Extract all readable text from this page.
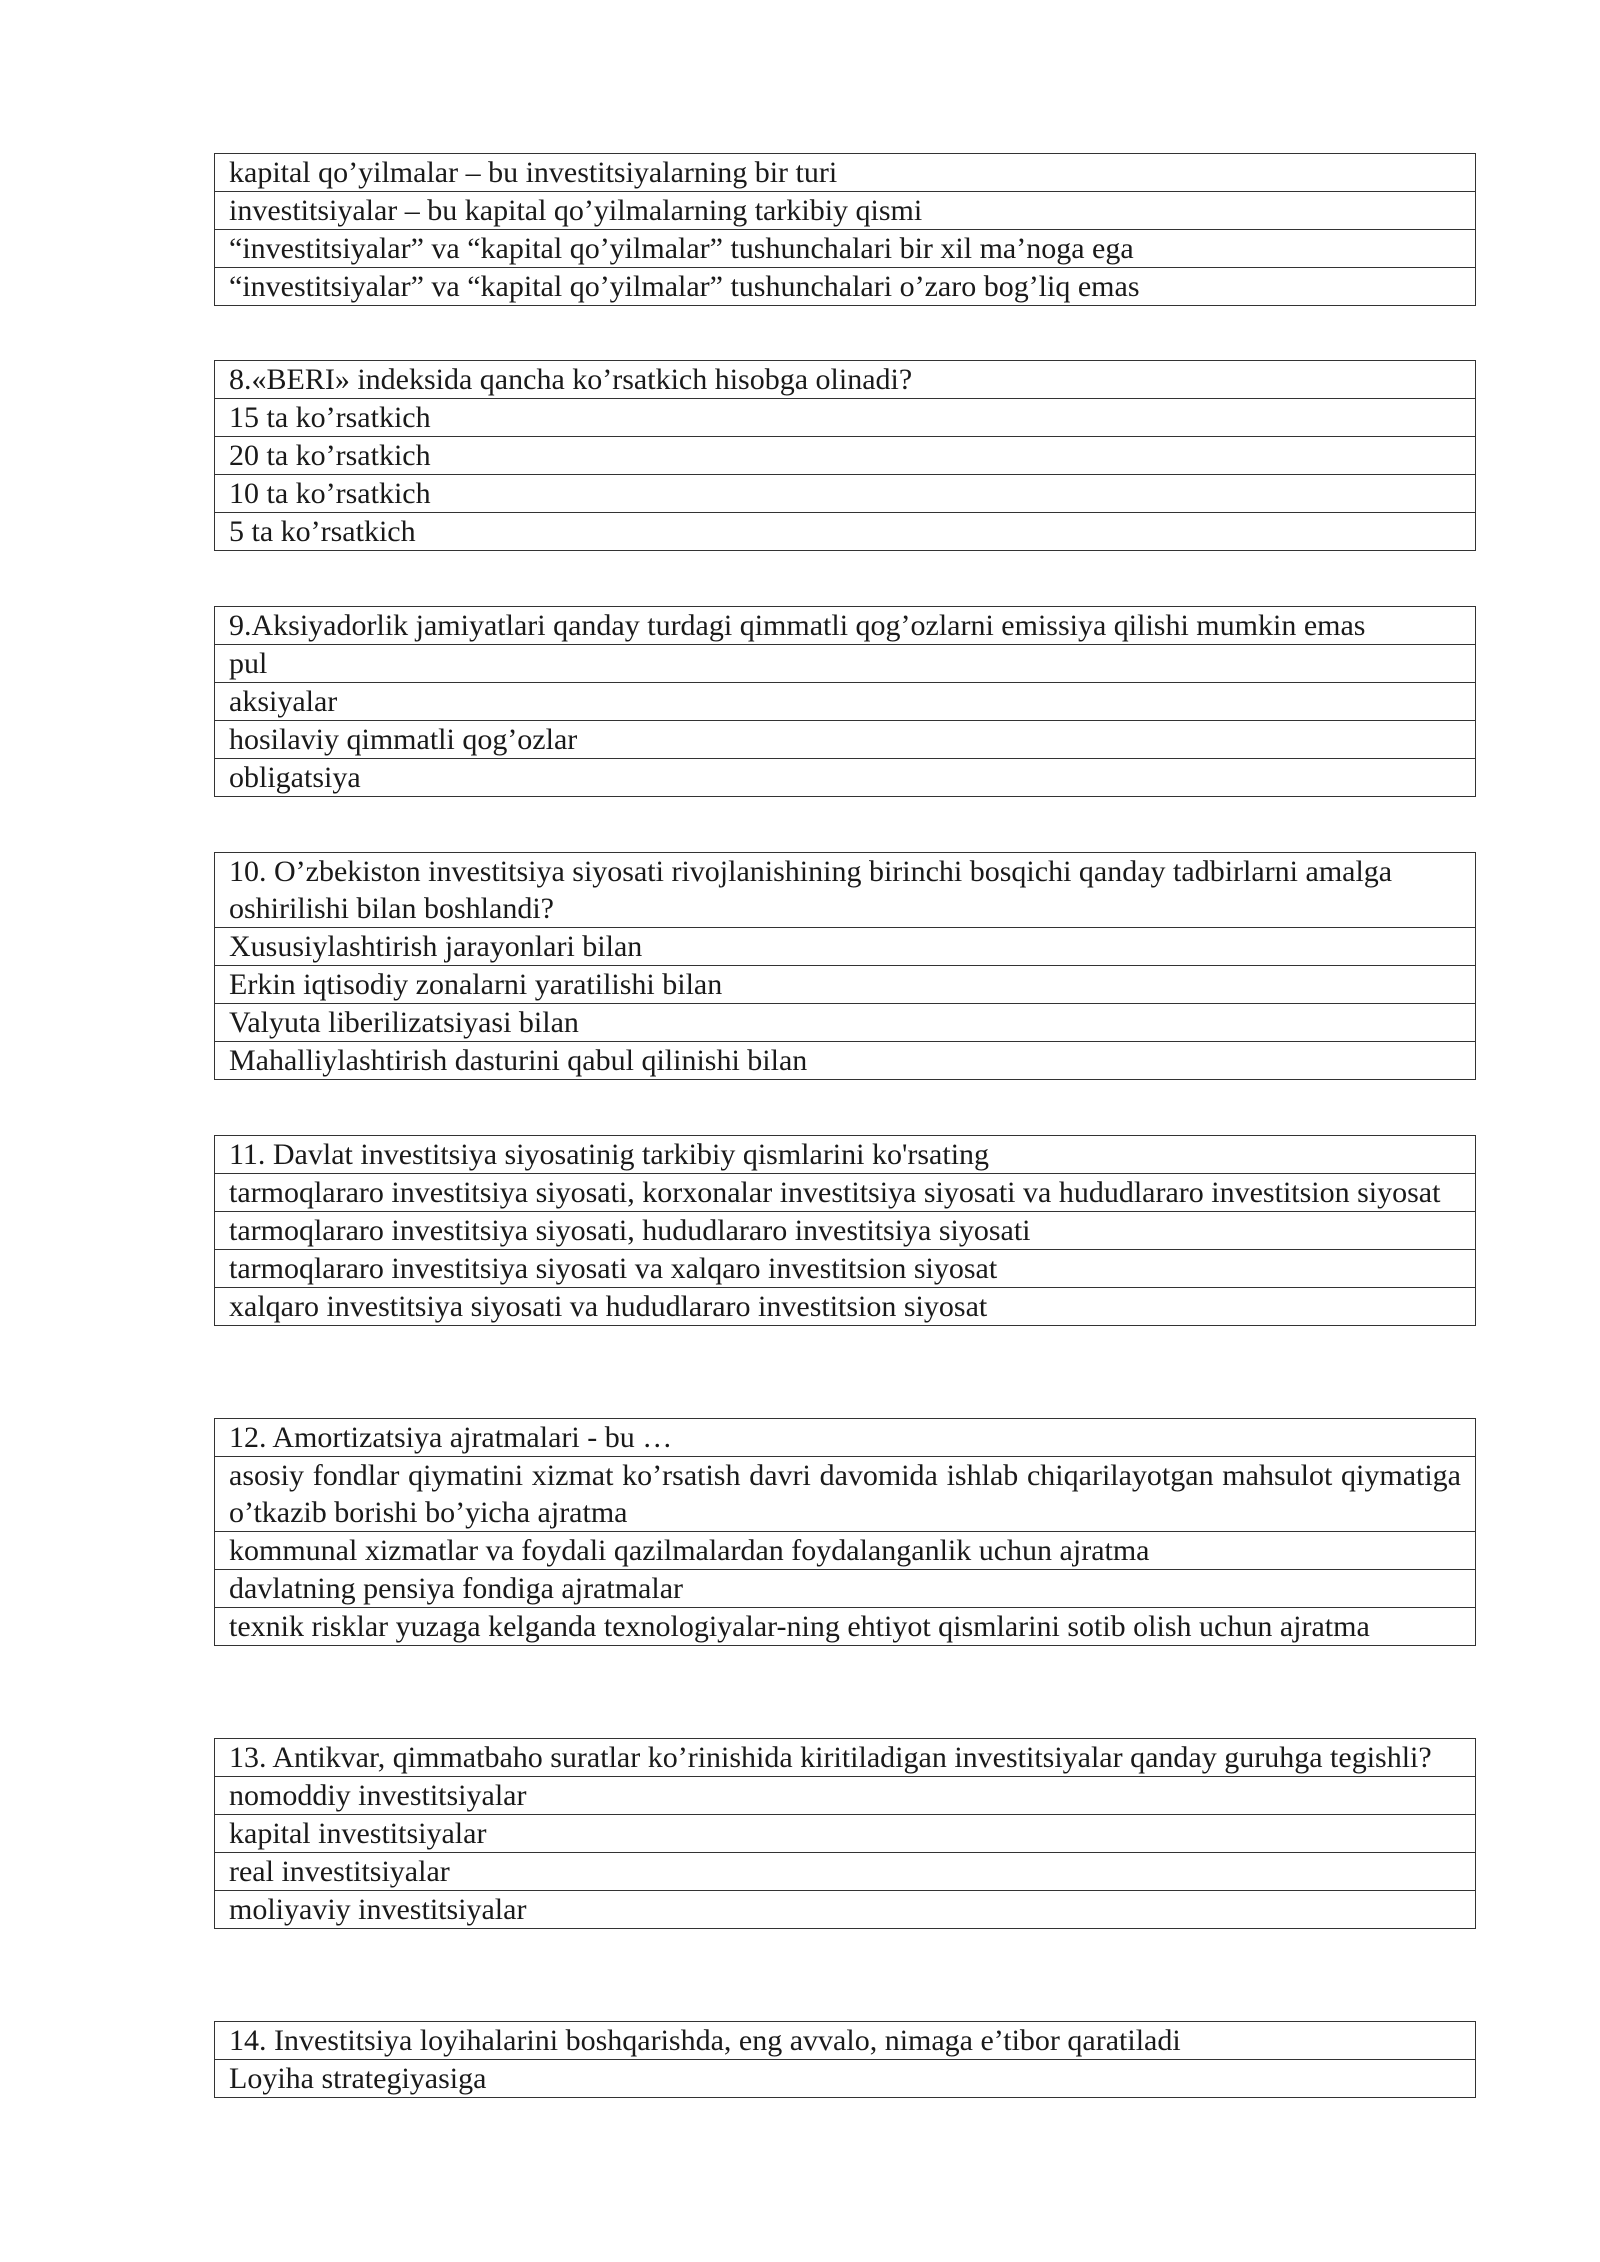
kapital qo’yilmalar – bu investitsiyalarning bir turi
investitsiyalar – bu kapital qo’yilmalarning tarkibiy qismi
“investitsiyalar” va “kapital qo’yilmalar” tushunchalari bir xil ma’noga ega
“investitsiyalar” va “kapital qo’yilmalar” tushunchalari o’zaro bog’liq emas
8.«BERI» indeksida qancha ko’rsatkich hisobga olinadi?
15 ta ko’rsatkich
20 ta ko’rsatkich
10 ta ko’rsatkich
5 ta ko’rsatkich
9.Aksiyadorlik jamiyatlari qanday turdagi qimmatli qog’ozlarni emissiya qilishi mumkin emas
pul
aksiyalar
hosilaviy qimmatli qog’ozlar
obligatsiya
10. O’zbekiston investitsiya siyosati rivojlanishining birinchi bosqichi qanday tadbirlarni amalga oshirilishi bilan boshlandi?
Xususiylashtirish jarayonlari bilan
Erkin iqtisodiy zonalarni yaratilishi bilan
Valyuta liberilizatsiyasi bilan
Mahalliylashtirish dasturini qabul qilinishi bilan
11. Davlat investitsiya siyosatinig tarkibiy qismlarini ko'rsating
tarmoqlararo investitsiya siyosati, korxonalar investitsiya siyosati va hududlararo investitsion siyosat
tarmoqlararo investitsiya siyosati, hududlararo investitsiya siyosati
tarmoqlararo investitsiya siyosati va xalqaro investitsion siyosat
xalqaro investitsiya siyosati va hududlararo investitsion siyosat
12. Amortizatsiya ajratmalari - bu …
asosiy fondlar qiymatini xizmat ko’rsatish davri davomida ishlab chiqarilayotgan mahsulot qiymatiga o’tkazib borishi bo’yicha ajratma
kommunal xizmatlar va foydali qazilmalardan foydalanganlik uchun ajratma
davlatning pensiya fondiga ajratmalar
texnik risklar yuzaga kelganda texnologiyalar-ning ehtiyot qismlarini sotib olish uchun ajratma
13. Antikvar, qimmatbaho suratlar ko’rinishida kiritiladigan investitsiyalar qanday guruhga tegishli?
nomoddiy investitsiyalar
kapital investitsiyalar
real investitsiyalar
moliyaviy investitsiyalar
14. Investitsiya loyihalarini boshqarishda, eng avvalo, nimaga e’tibor qaratiladi
Loyiha strategiyasiga
